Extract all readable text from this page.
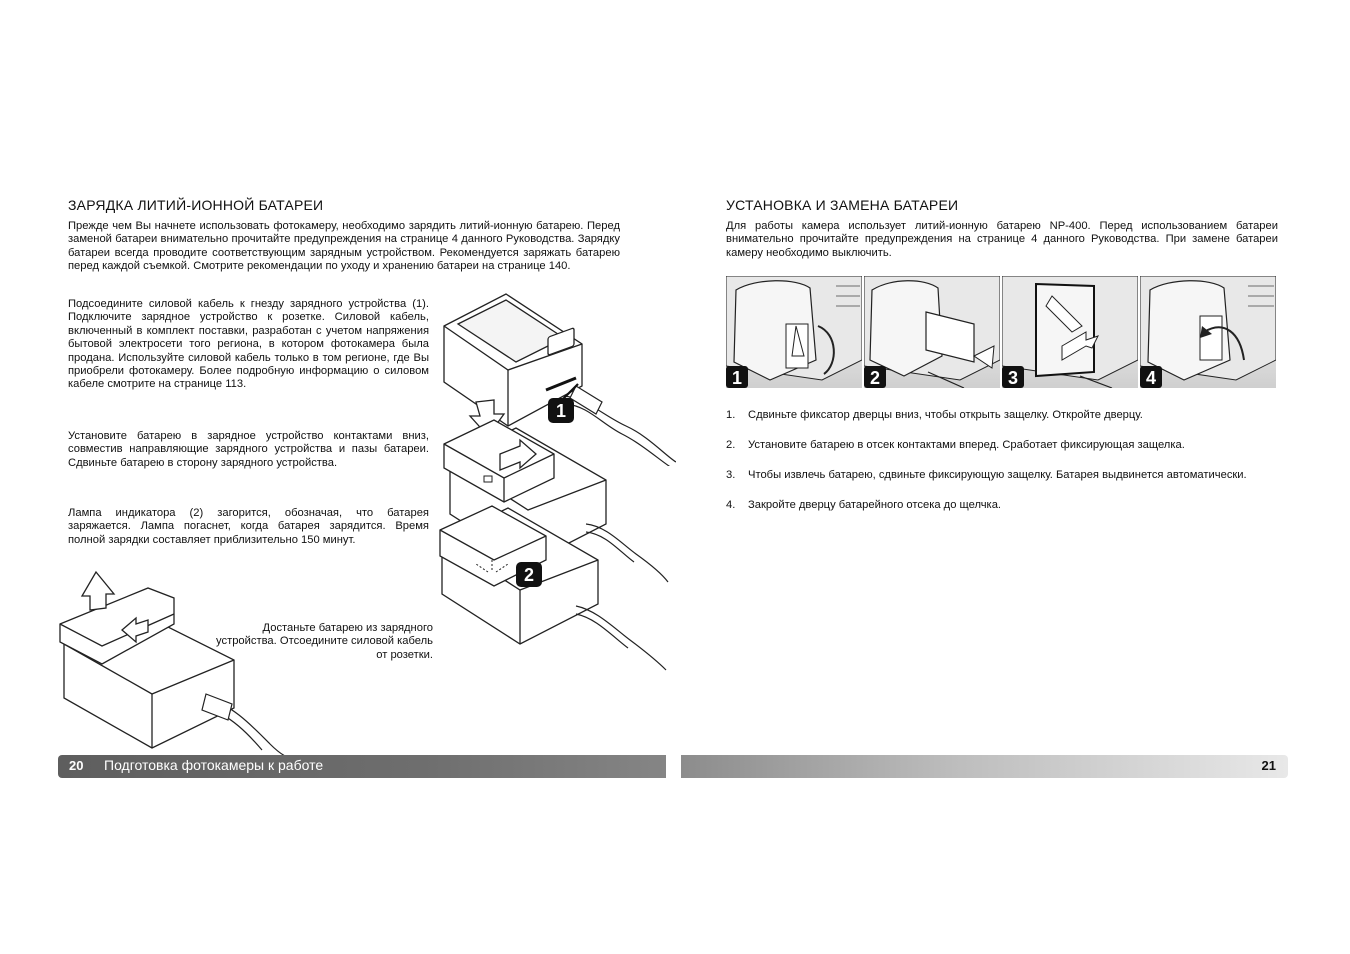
ЗАРЯДКА ЛИТИЙ-ИОННОЙ БАТАРЕИ

Прежде чем Вы начнете использовать фотокамеру, необходимо зарядить литий-ионную батарею. Перед заменой батареи внимательно прочитайте предупреждения на странице 4 данного Руководства. Зарядку батареи всегда проводите соответствующим зарядным устройством. Рекомендуется заряжать батарею перед каждой съемкой. Смотрите рекомендации по уходу и хранению батареи на странице 140.

Подсоедините силовой кабель к гнезду зарядного устройства (1). Подключите зарядное устройство к розетке. Силовой кабель, включенный в комплект поставки, разработан с учетом напряжения бытовой электросети того региона, в котором фотокамера была продана. Используйте силовой кабель только в том регионе, где Вы приобрели фотокамеру. Более подробную информацию о силовом кабеле смотрите на странице 113.

Установите батарею в зарядное устройство контактами вниз, совместив направляющие зарядного устройства и пазы батареи. Сдвиньте батарею в сторону зарядного устройства.

Лампа индикатора (2) загорится, обозначая, что батарея заряжается. Лампа погаснет, когда батарея зарядится. Время полной зарядки составляет приблизительно 150 минут.

Достаньте батарею из зарядного устройства. Отсоедините силовой кабель от розетки.

1
2
УСТАНОВКА И ЗАМЕНА БАТАРЕИ

Для работы камера использует литий-ионную батарею NP-400. Перед использованием батареи внимательно прочитайте предупреждения на странице 4 данного Руководства. При замене батареи камеру необходимо выключить.

1	2	3	4
1. Сдвиньте фиксатор дверцы вниз, чтобы открыть защелку. Откройте дверцу.
2. Установите батарею в отсек контактами вперед. Сработает фиксирующая защелка.
3. Чтобы извлечь батарею, сдвиньте фиксирующую защелку. Батарея выдвинется автоматически.
4. Закройте дверцу батарейного отсека до щелчка.
20 Подготовка фотокамеры к работе	21
